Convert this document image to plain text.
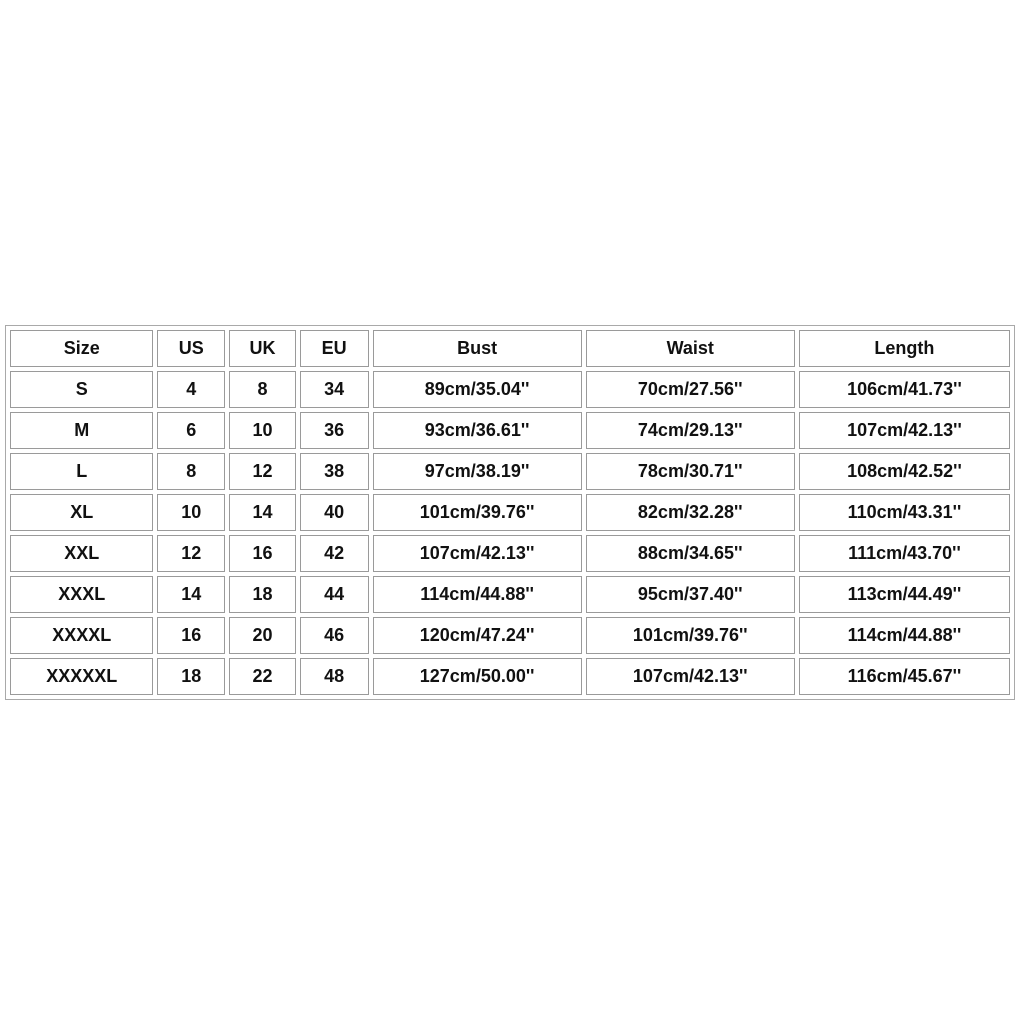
Size	US	UK	EU	Bust	Waist	Length
S	4	8	34	89cm/35.04''	70cm/27.56''	106cm/41.73''
M	6	10	36	93cm/36.61''	74cm/29.13''	107cm/42.13''
L	8	12	38	97cm/38.19''	78cm/30.71''	108cm/42.52''
XL	10	14	40	101cm/39.76''	82cm/32.28''	110cm/43.31''
XXL	12	16	42	107cm/42.13''	88cm/34.65''	111cm/43.70''
XXXL	14	18	44	114cm/44.88''	95cm/37.40''	113cm/44.49''
XXXXL	16	20	46	120cm/47.24''	101cm/39.76''	114cm/44.88''
XXXXXL	18	22	48	127cm/50.00''	107cm/42.13''	116cm/45.67''
